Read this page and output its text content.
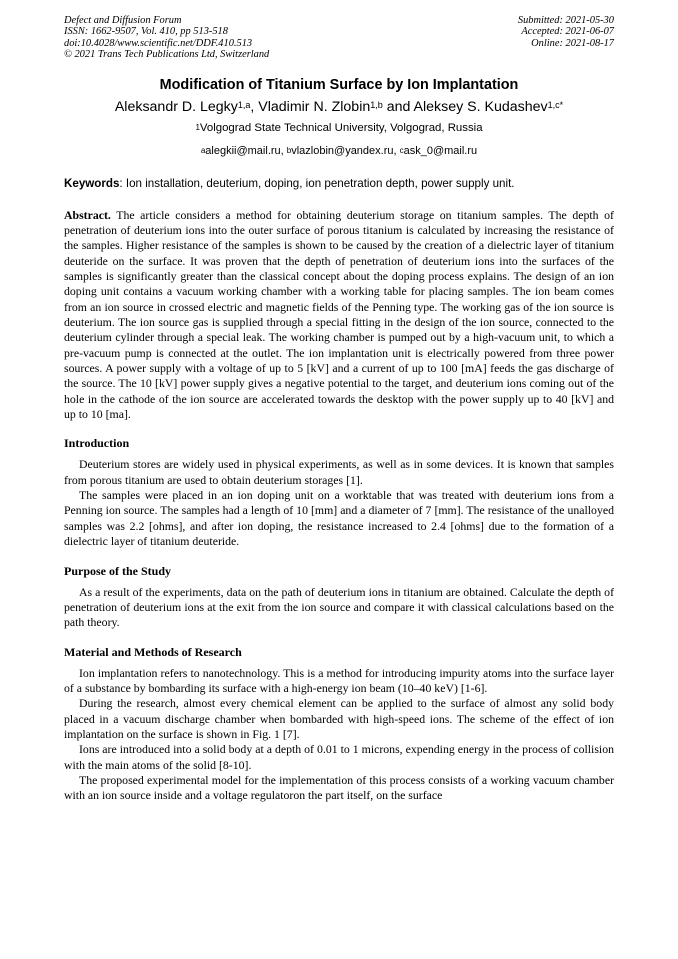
Defect and Diffusion Forum
ISSN: 1662-9507, Vol. 410, pp 513-518
doi:10.4028/www.scientific.net/DDF.410.513
© 2021 Trans Tech Publications Ltd, Switzerland
Submitted: 2021-05-30
Accepted: 2021-06-07
Online: 2021-08-17
Modification of Titanium Surface by Ion Implantation
Aleksandr D. Legky$^{1,a}$, Vladimir N. Zlobin$^{1,b}$ and Aleksey S. Kudashev$^{1,c*}$
$^1$Volgograd State Technical University, Volgograd, Russia
$^a$alegkii@mail.ru, $^b$vlazlobin@yandex.ru, $^c$ask_0@mail.ru
Keywords: Ion installation, deuterium, doping, ion penetration depth, power supply unit.

Abstract. The article considers a method for obtaining deuterium storage on titanium samples. The depth of penetration of deuterium ions into the outer surface of porous titanium is calculated by increasing the resistance of the samples. Higher resistance of the samples is shown to be caused by the creation of a dielectric layer of titanium deuteride on the surface. It was proven that the depth of penetration of deuterium ions into the surfaces of the samples is significantly greater than the classical concept about the doping process explains. The design of an ion doping unit contains a vacuum working chamber with a working table for placing samples. The ion beam comes from an ion source in crossed electric and magnetic fields of the Penning type. The working gas of the ion source is deuterium. The ion source gas is supplied through a special fitting in the design of the ion source, connected to the deuterium cylinder through a special leak. The working chamber is pumped out by a high-vacuum unit, to which a pre-vacuum pump is connected at the outlet. The ion implantation unit is electrically powered from three power sources. A power supply with a voltage of up to 5 [kV] and a current of up to 100 [mA] feeds the gas discharge of the source. The 10 [kV] power supply gives a negative potential to the target, and deuterium ions coming out of the hole in the cathode of the ion source are accelerated towards the desktop with the power supply up to 40 [kV] and up to 10 [ma].

Introduction

Deuterium stores are widely used in physical experiments, as well as in some devices. It is known that samples from porous titanium are used to obtain deuterium storages [1].

The samples were placed in an ion doping unit on a worktable that was treated with deuterium ions from a Penning ion source. The samples had a length of 10 [mm] and a diameter of 7 [mm]. The resistance of the unalloyed samples was 2.2 [ohms], and after ion doping, the resistance increased to 2.4 [ohms] due to the formation of a dielectric layer of titanium deuteride.

Purpose of the Study

As a result of the experiments, data on the path of deuterium ions in titanium are obtained. Calculate the depth of penetration of deuterium ions at the exit from the ion source and compare it with classical calculations based on the path theory.

Material and Methods of Research

Ion implantation refers to nanotechnology. This is a method for introducing impurity atoms into the surface layer of a substance by bombarding its surface with a high-energy ion beam (10–40 keV) [1-6].

During the research, almost every chemical element can be applied to the surface of almost any solid body placed in a vacuum discharge chamber when bombarded with high-speed ions. The scheme of the effect of ion implantation on the surface is shown in Fig. 1 [7].

Ions are introduced into a solid body at a depth of 0.01 to 1 microns, expending energy in the process of collision with the main atoms of the solid [8-10].

The proposed experimental model for the implementation of this process consists of a working vacuum chamber with an ion source inside and a voltage regulatoron the part itself, on the surface
